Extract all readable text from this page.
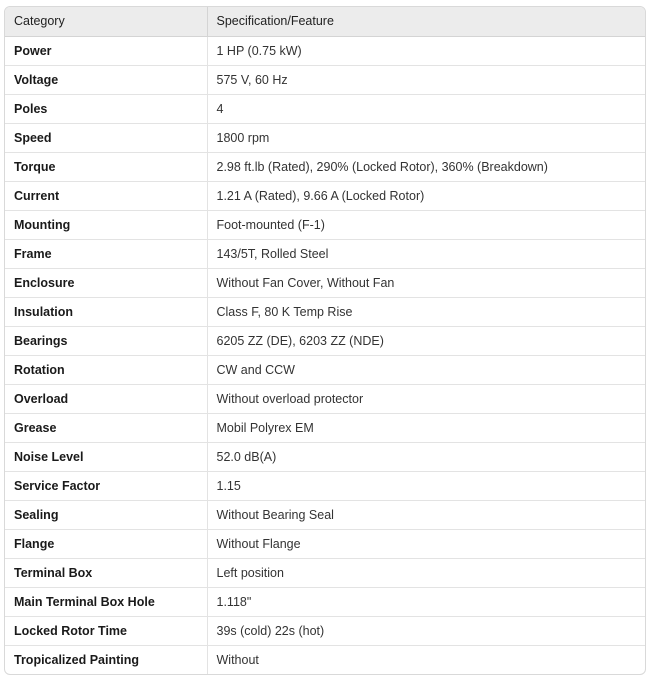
Category	Specification/Feature
Power	1 HP (0.75 kW)
Voltage	575 V, 60 Hz
Poles	4
Speed	1800 rpm
Torque	2.98 ft.lb (Rated), 290% (Locked Rotor), 360% (Breakdown)
Current	1.21 A (Rated), 9.66 A (Locked Rotor)
Mounting	Foot-mounted (F-1)
Frame	143/5T, Rolled Steel
Enclosure	Without Fan Cover, Without Fan
Insulation	Class F, 80 K Temp Rise
Bearings	6205 ZZ (DE), 6203 ZZ (NDE)
Rotation	CW and CCW
Overload	Without overload protector
Grease	Mobil Polyrex EM
Noise Level	52.0 dB(A)
Service Factor	1.15
Sealing	Without Bearing Seal
Flange	Without Flange
Terminal Box	Left position
Main Terminal Box Hole	1.118"
Locked Rotor Time	39s (cold) 22s (hot)
Tropicalized Painting	Without
